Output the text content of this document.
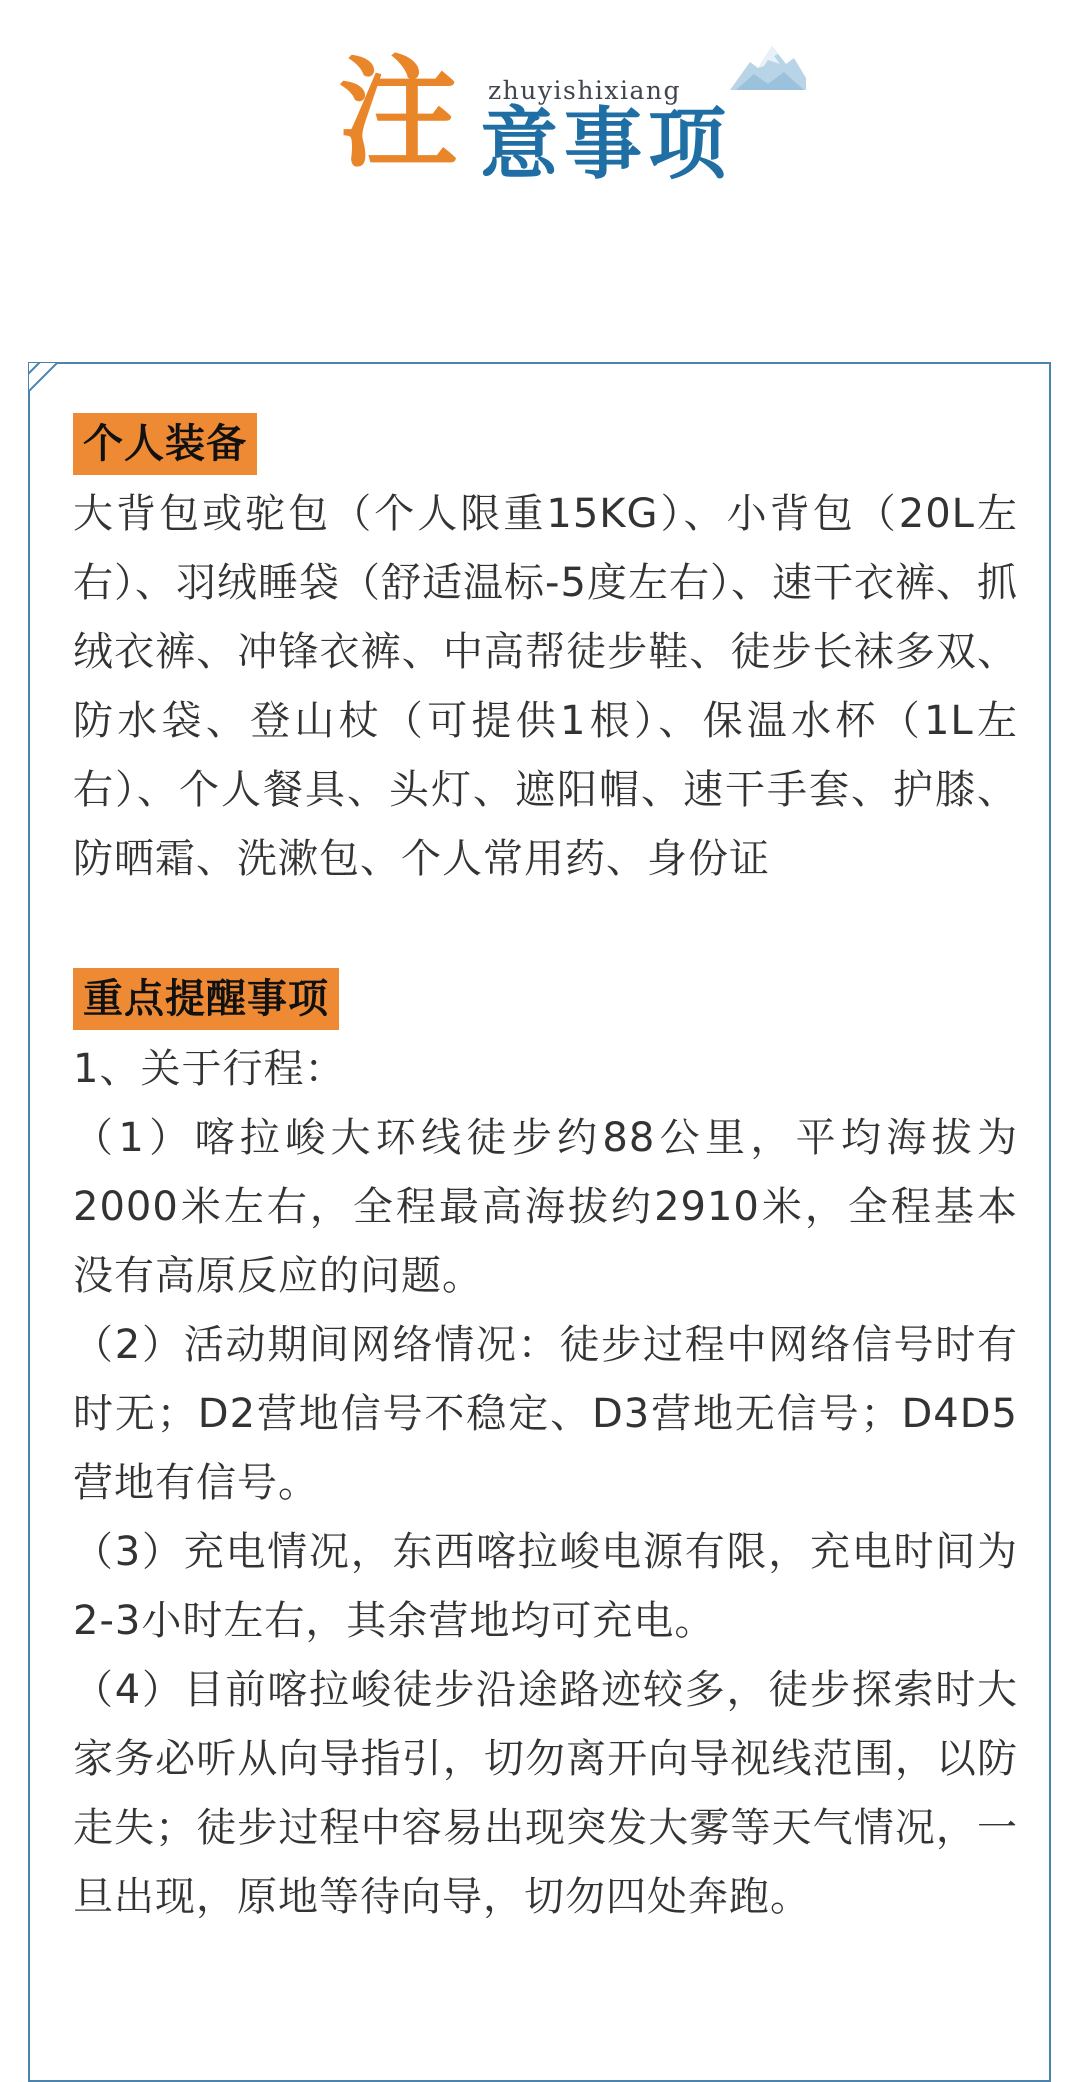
zhuyishixiang
注 意事项
个人装备

大背包或驼包（个人限重15KG）、小背包（20L左右）、羽绒睡袋（舒适温标-5度左右）、速干衣裤、抓绒衣裤、冲锋衣裤、中高帮徒步鞋、徒步长袜多双、防水袋、登山杖（可提供1根）、保温水杯（1L左右）、个人餐具、头灯、遮阳帽、速干手套、护膝、防晒霜、洗漱包、个人常用药、身份证

重点提醒事项

1、关于行程：

（1）喀拉峻大环线徒步约88公里，平均海拔为2000米左右，全程最高海拔约2910米，全程基本没有高原反应的问题。

（2）活动期间网络情况：徒步过程中网络信号时有时无；D2营地信号不稳定、D3营地无信号；D4D5营地有信号。

（3）充电情况，东西喀拉峻电源有限，充电时间为2-3小时左右，其余营地均可充电。

（4）目前喀拉峻徒步沿途路迹较多，徒步探索时大家务必听从向导指引，切勿离开向导视线范围，以防走失；徒步过程中容易出现突发大雾等天气情况，一旦出现，原地等待向导，切勿四处奔跑。
